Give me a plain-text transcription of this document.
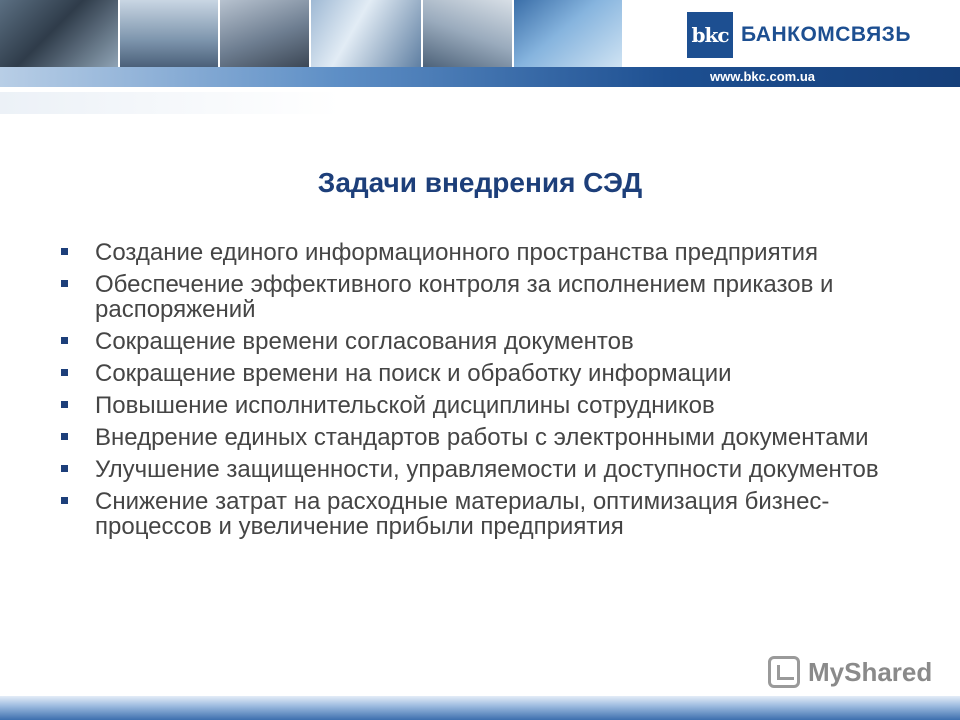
bkc БАНКОМСВЯЗЬ
www.bkc.com.ua
Задачи внедрения СЭД
Создание единого информационного пространства предприятия
Обеспечение эффективного контроля за исполнением приказов и распоряжений
Сокращение времени согласования документов
Сокращение времени на поиск и обработку информации
Повышение исполнительской дисциплины сотрудников
Внедрение единых стандартов работы с электронными документами
Улучшение защищенности, управляемости и доступности документов
Снижение затрат на расходные материалы, оптимизация бизнес-процессов и увеличение прибыли предприятия
MyShared
